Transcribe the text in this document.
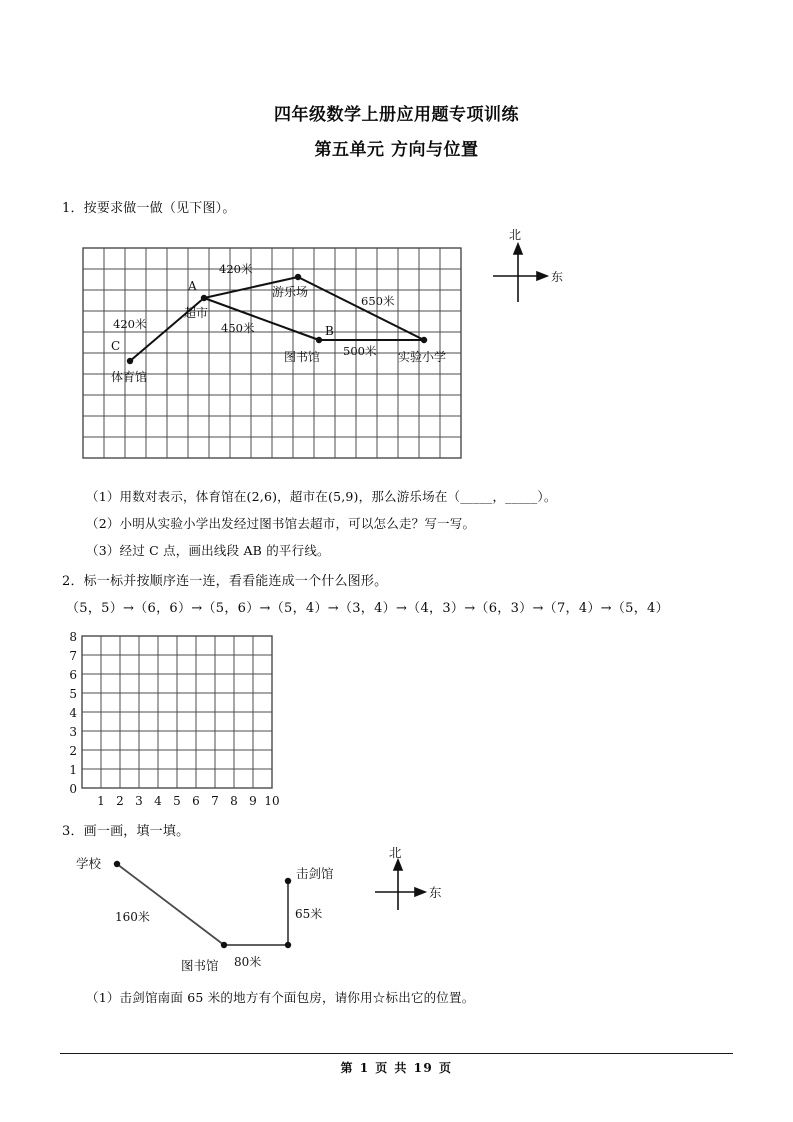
四年级数学上册应用题专项训练
第五单元 方向与位置
1．按要求做一做（见下图）。
A
B
C
超市
游乐场
图书馆	实验小学
体育馆
420米
650米
450米
500米
420米
北
东
（1）用数对表示，体育馆在(2,6)，超市在(5,9)，那么游乐场在（_____，_____）。
（2）小明从实验小学出发经过图书馆去超市，可以怎么走？写一写。
（3）经过 C 点，画出线段 AB 的平行线。
2．标一标并按顺序连一连，看看能连成一个什么图形。
（5，5）→（6，6）→（5，6）→（5，4）→（3，4）→（4，3）→（6，3）→（7，4）→（5，4）
8
7
6
5
4
3
2
1
0
1 2 3 4 5 6 7 8 9 10
3．画一画，填一填。
学校
图书馆
击剑馆
160米
80米
65米
北
东
（1）击剑馆南面 65 米的地方有个面包房，请你用☆标出它的位置。
第 1 页 共 19 页
